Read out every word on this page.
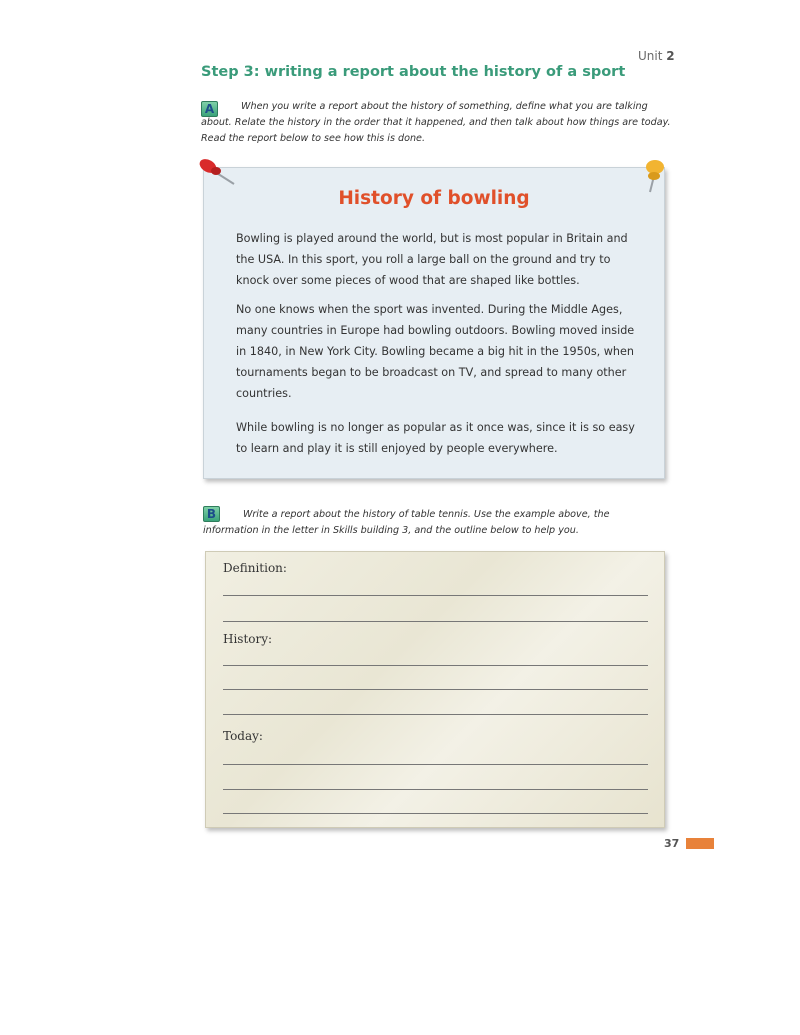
Unit 2
Step 3: writing a report about the history of a sport
A	When you write a report about the history of something, define what you are talking about. Relate the history in the order that it happened, and then talk about how things are today. Read the report below to see how this is done.
History of bowling
Bowling is played around the world, but is most popular in Britain and the USA. In this sport, you roll a large ball on the ground and try to knock over some pieces of wood that are shaped like bottles.
No one knows when the sport was invented. During the Middle Ages, many countries in Europe had bowling outdoors. Bowling moved inside in 1840, in New York City. Bowling became a big hit in the 1950s, when tournaments began to be broadcast on TV, and spread to many other countries.
While bowling is no longer as popular as it once was, since it is so easy to learn and play it is still enjoyed by people everywhere.
B	Write a report about the history of table tennis. Use the example above, the information in the letter in Skills building 3, and the outline below to help you.
Definition:
History:
Today:
37
